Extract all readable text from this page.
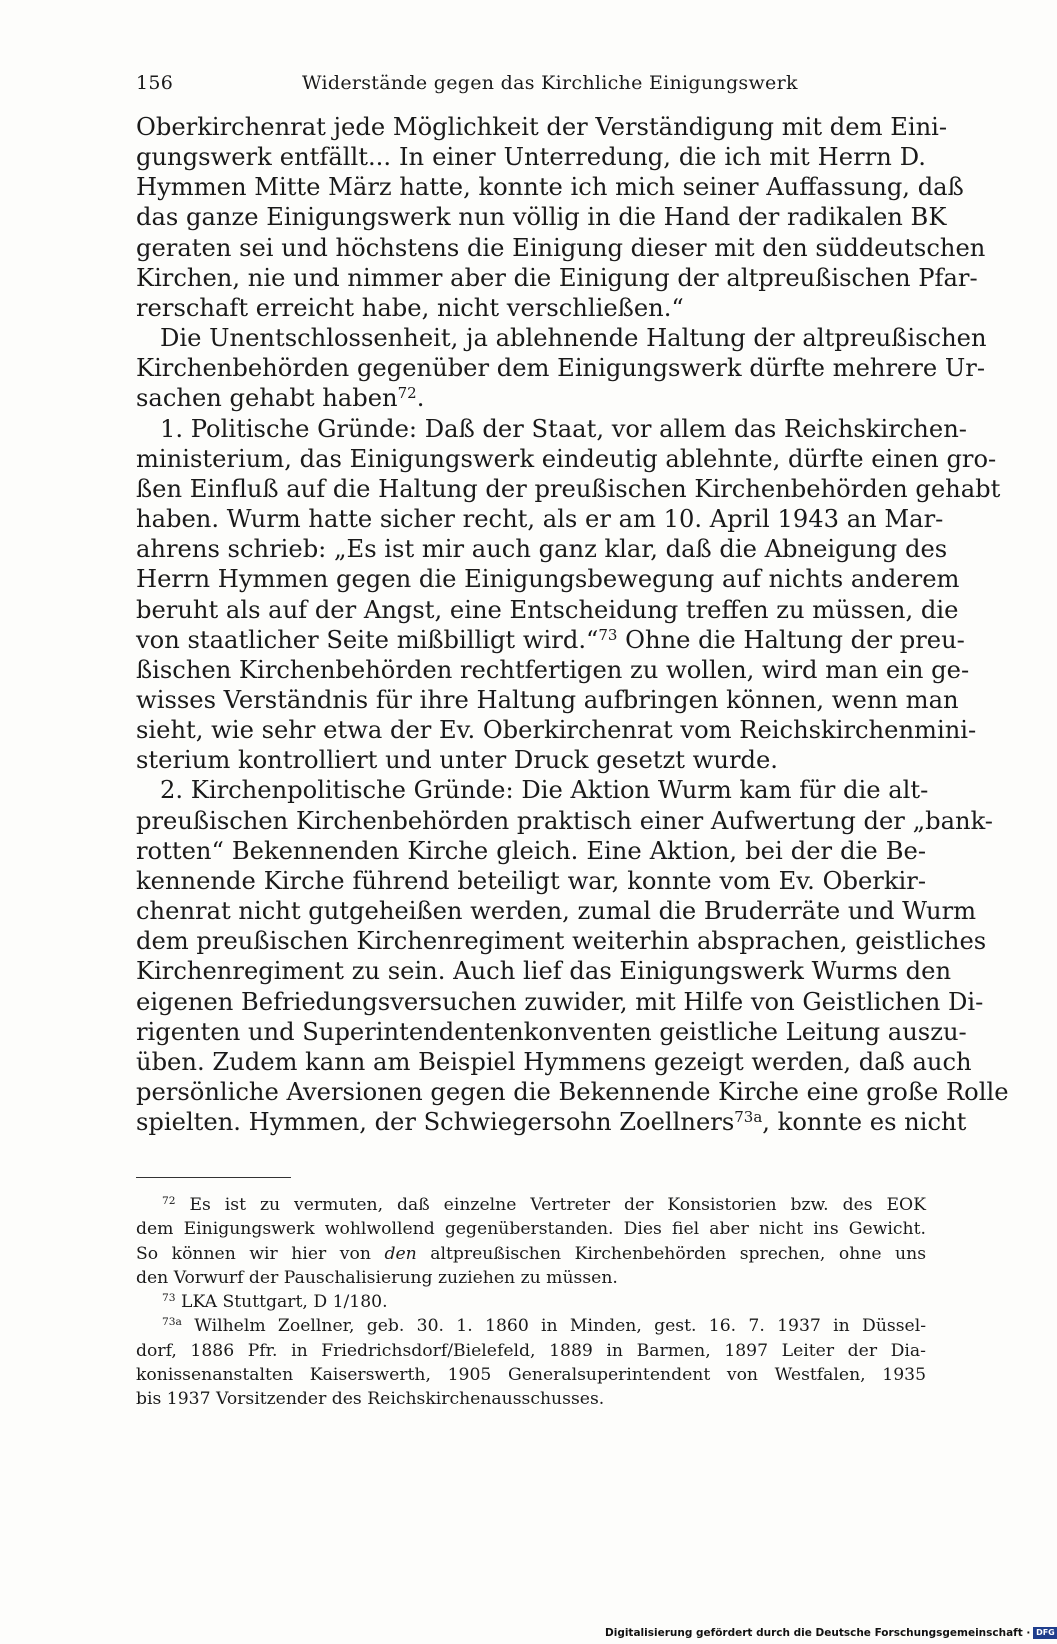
156	Widerstände gegen das Kirchliche Einigungswerk
Oberkirchenrat jede Möglichkeit der Verständigung mit dem Eini-
gungswerk entfällt... In einer Unterredung, die ich mit Herrn D.
Hymmen Mitte März hatte, konnte ich mich seiner Auffassung, daß
das ganze Einigungswerk nun völlig in die Hand der radikalen BK
geraten sei und höchstens die Einigung dieser mit den süddeutschen
Kirchen, nie und nimmer aber die Einigung der altpreußischen Pfar-
rerschaft erreicht habe, nicht verschließen.“
Die Unentschlossenheit, ja ablehnende Haltung der altpreußischen
Kirchenbehörden gegenüber dem Einigungswerk dürfte mehrere Ur-
sachen gehabt haben$^{72}$.
1. Politische Gründe: Daß der Staat, vor allem das Reichskirchen-
ministerium, das Einigungswerk eindeutig ablehnte, dürfte einen gro-
ßen Einfluß auf die Haltung der preußischen Kirchenbehörden gehabt
haben. Wurm hatte sicher recht, als er am 10. April 1943 an Mar-
ahrens schrieb: „Es ist mir auch ganz klar, daß die Abneigung des
Herrn Hymmen gegen die Einigungsbewegung auf nichts anderem
beruht als auf der Angst, eine Entscheidung treffen zu müssen, die
von staatlicher Seite mißbilligt wird.“$^{73}$ Ohne die Haltung der preu-
ßischen Kirchenbehörden rechtfertigen zu wollen, wird man ein ge-
wisses Verständnis für ihre Haltung aufbringen können, wenn man
sieht, wie sehr etwa der Ev. Oberkirchenrat vom Reichskirchenmini-
sterium kontrolliert und unter Druck gesetzt wurde.
2. Kirchenpolitische Gründe: Die Aktion Wurm kam für die alt-
preußischen Kirchenbehörden praktisch einer Aufwertung der „bank-
rotten“ Bekennenden Kirche gleich. Eine Aktion, bei der die Be-
kennende Kirche führend beteiligt war, konnte vom Ev. Oberkir-
chenrat nicht gutgeheißen werden, zumal die Bruderräte und Wurm
dem preußischen Kirchenregiment weiterhin absprachen, geistliches
Kirchenregiment zu sein. Auch lief das Einigungswerk Wurms den
eigenen Befriedungsversuchen zuwider, mit Hilfe von Geistlichen Di-
rigenten und Superintendentenkonventen geistliche Leitung auszu-
üben. Zudem kann am Beispiel Hymmens gezeigt werden, daß auch
persönliche Aversionen gegen die Bekennende Kirche eine große Rolle
spielten. Hymmen, der Schwiegersohn Zoellners$^{73a}$, konnte es nicht
$^{72}$ Es ist zu vermuten, daß einzelne Vertreter der Konsistorien bzw. des EOK
dem Einigungswerk wohlwollend gegenüberstanden. Dies fiel aber nicht ins Gewicht.
So können wir hier von den altpreußischen Kirchenbehörden sprechen, ohne uns
den Vorwurf der Pauschalisierung zuziehen zu müssen.
$^{73}$ LKA Stuttgart, D 1/180.
$^{73a}$ Wilhelm Zoellner, geb. 30. 1. 1860 in Minden, gest. 16. 7. 1937 in Düssel-
dorf, 1886 Pfr. in Friedrichsdorf/Bielefeld, 1889 in Barmen, 1897 Leiter der Dia-
konissenanstalten Kaiserswerth, 1905 Generalsuperintendent von Westfalen, 1935
bis 1937 Vorsitzender des Reichskirchenausschusses.
Digitalisierung gefördert durch die Deutsche Forschungsgemeinschaft · DFG
